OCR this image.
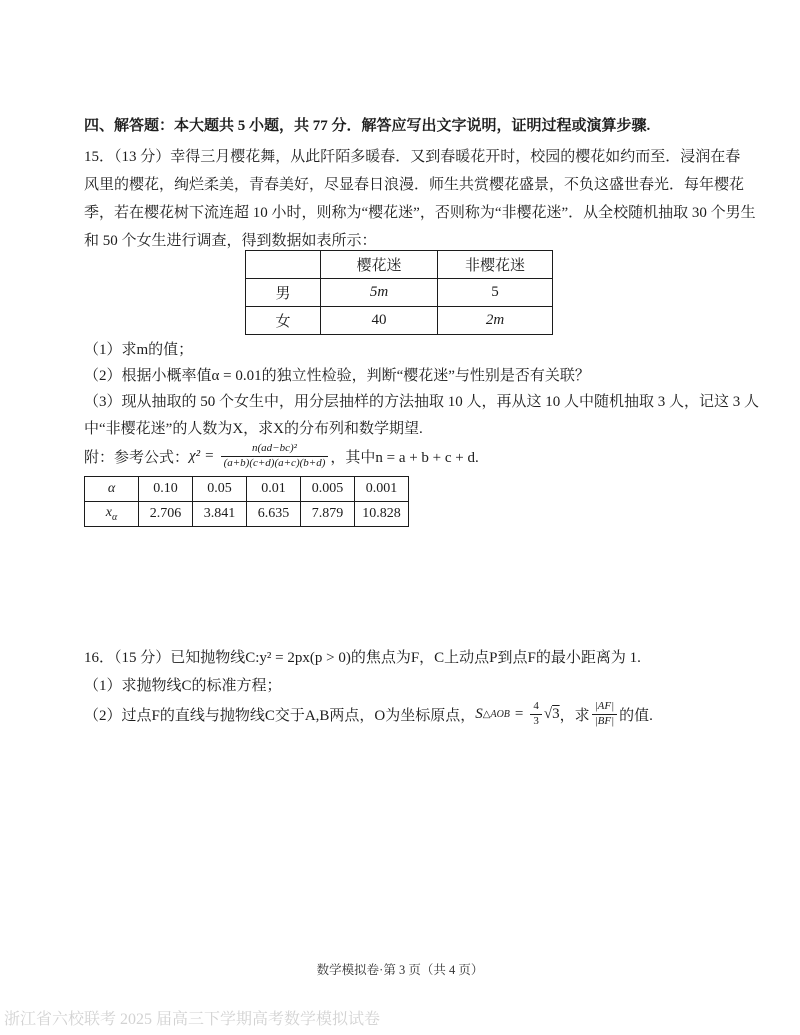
四、解答题：本大题共 5 小题，共 77 分．解答应写出文字说明，证明过程或演算步骤.
15．（13 分）幸得三月樱花舞，从此阡陌多暖春．又到春暖花开时，校园的樱花如约而至．浸润在春
风里的樱花，绚烂柔美，青春美好，尽显春日浪漫．师生共赏樱花盛景，不负这盛世春光．每年樱花
季，若在樱花树下流连超 10 小时，则称为“樱花迷”，否则称为“非樱花迷”．从全校随机抽取 30 个男生
和 50 个女生进行调查，得到数据如表所示：
	樱花迷	非樱花迷
男	5m	5
女	40	2m
（1）求m的值；
（2）根据小概率值α = 0.01的独立性检验，判断“樱花迷”与性别是否有关联？
（3）现从抽取的 50 个女生中，用分层抽样的方法抽取 10 人，再从这 10 人中随机抽取 3 人，记这 3 人
中“非樱花迷”的人数为X，求X的分布列和数学期望.
附：参考公式： $\chi^2 = \frac{\text{n(ad−bc)²}}{(a+b)(c+d)(a+c)(b+d)}$ ，其中n = a + b + c + d.
α	0.10	0.05	0.01	0.005	0.001
$x_\alpha$	2.706	3.841	6.635	7.879	10.828
16．（15 分）已知抛物线C:y² = 2px(p > 0)的焦点为F，C上动点P到点F的最小距离为 1.
（1）求抛物线C的标准方程；
（2）过点F的直线与抛物线C交于A,B两点，O为坐标原点， S △AOB = $\frac{4}{3}$ √ 3 ，求 $\frac{|AF|}{|BF|}$ 的值.
数学模拟卷·第 3 页（共 4 页）
浙江省六校联考 2025 届高三下学期高考数学模拟试卷
